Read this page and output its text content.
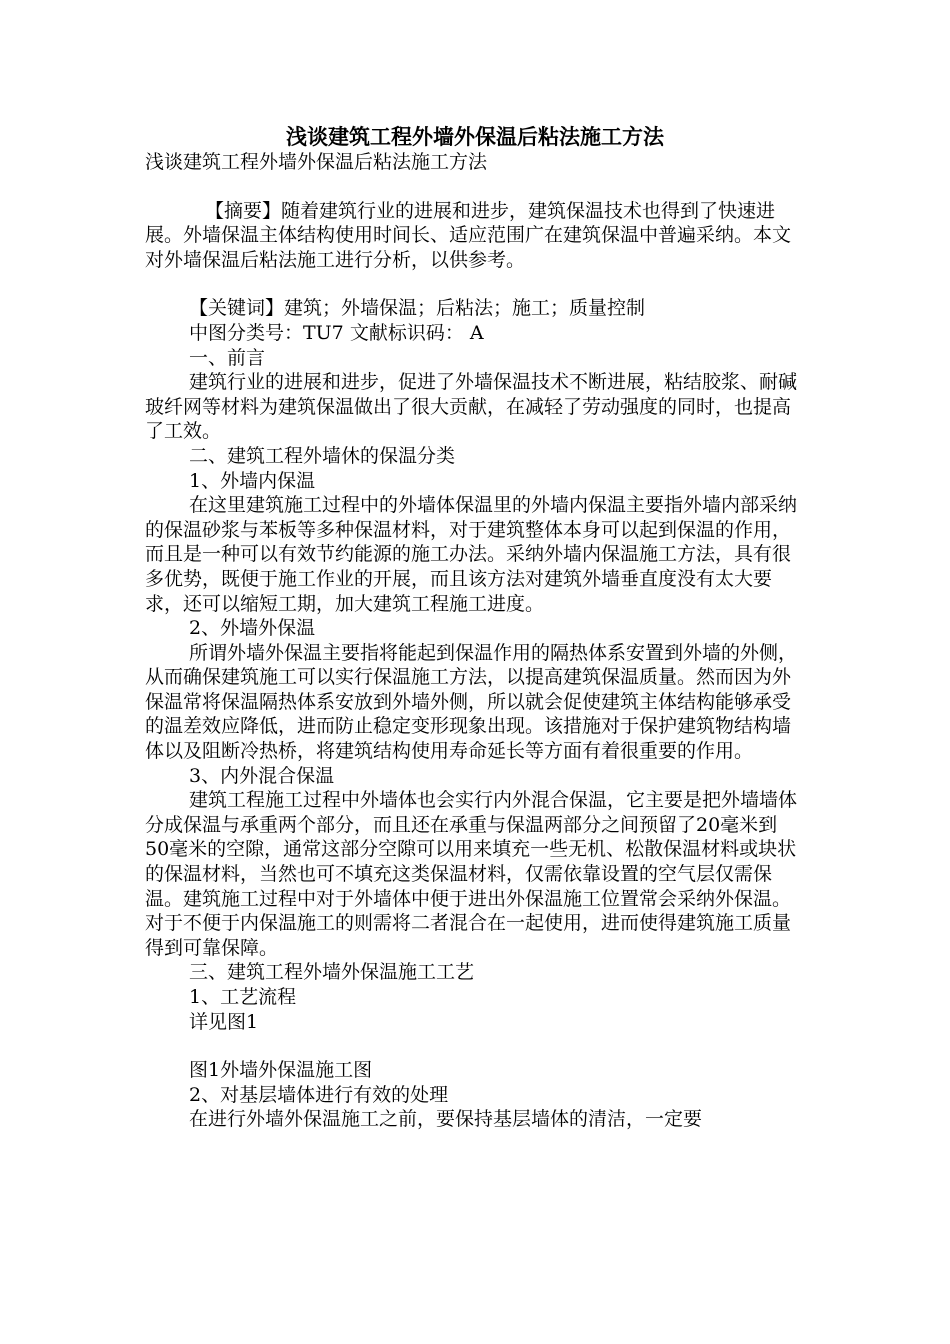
浅谈建筑工程外墙外保温后粘法施工方法

浅谈建筑工程外墙外保温后粘法施工方法

【摘要】随着建筑行业的进展和进步，建筑保温技术也得到了快速进展。外墙保温主体结构使用时间长、适应范围广在建筑保温中普遍采纳。本文对外墙保温后粘法施工进行分析，以供参考。

【关键词】建筑；外墙保温；后粘法；施工；质量控制

中图分类号：TU7 文献标识码： A

一、前言

建筑行业的进展和进步，促进了外墙保温技术不断进展，粘结胶浆、耐碱玻纤网等材料为建筑保温做出了很大贡献，在减轻了劳动强度的同时，也提高了工效。

二、建筑工程外墙休的保温分类

1、外墙内保温

在这里建筑施工过程中的外墙体保温里的外墙内保温主要指外墙内部采纳的保温砂浆与苯板等多种保温材料，对于建筑整体本身可以起到保温的作用，而且是一种可以有效节约能源的施工办法。采纳外墙内保温施工方法，具有很多优势，既便于施工作业的开展，而且该方法对建筑外墙垂直度没有太大要求，还可以缩短工期，加大建筑工程施工进度。

2、外墙外保温

所谓外墙外保温主要指将能起到保温作用的隔热体系安置到外墙的外侧，从而确保建筑施工可以实行保温施工方法，以提高建筑保温质量。然而因为外保温常将保温隔热体系安放到外墙外侧，所以就会促使建筑主体结构能够承受的温差效应降低，进而防止稳定变形现象出现。该措施对于保护建筑物结构墙体以及阻断冷热桥，将建筑结构使用寿命延长等方面有着很重要的作用。

3、内外混合保温

建筑工程施工过程中外墙体也会实行内外混合保温，它主要是把外墙墙体分成保温与承重两个部分，而且还在承重与保温两部分之间预留了20毫米到50毫米的空隙，通常这部分空隙可以用来填充一些无机、松散保温材料或块状的保温材料，当然也可不填充这类保温材料，仅需依靠设置的空气层仅需保温。建筑施工过程中对于外墙体中便于进出外保温施工位置常会采纳外保温。对于不便于内保温施工的则需将二者混合在一起使用，进而使得建筑施工质量得到可靠保障。

三、建筑工程外墙外保温施工工艺

1、工艺流程

详见图1

图1外墙外保温施工图

2、对基层墙体进行有效的处理

在进行外墙外保温施工之前，要保持基层墙体的清洁，一定要
